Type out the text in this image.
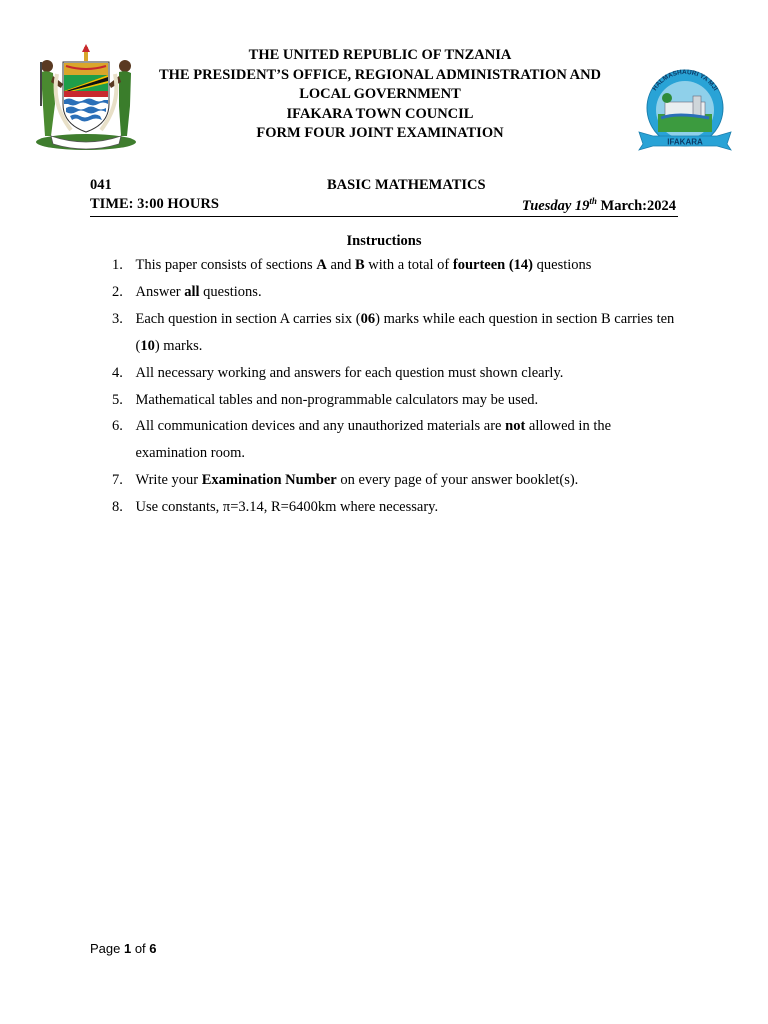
THE UNITED REPUBLIC OF TNZANIA
THE PRESIDENT’S OFFICE, REGIONAL ADMINISTRATION AND
LOCAL GOVERNMENT
IFAKARA TOWN COUNCIL
FORM FOUR JOINT EXAMINATION
HALMASHAURI YA MJI
IFAKARA
041	BASIC MATHEMATICS
TIME: 3:00 HOURS	Tuesday 19th March:2024
Instructions
1. This paper consists of sections A and B with a total of fourteen (14) questions
2. Answer all questions.
3. Each question in section A carries six (06) marks while each question in section B carries ten (10) marks.
4. All necessary working and answers for each question must shown clearly.
5. Mathematical tables and non-programmable calculators may be used.
6. All communication devices and any unauthorized materials are not allowed in the examination room.
7. Write your Examination Number on every page of your answer booklet(s).
8. Use constants, π=3.14, R=6400km where necessary.
Page 1 of 6
